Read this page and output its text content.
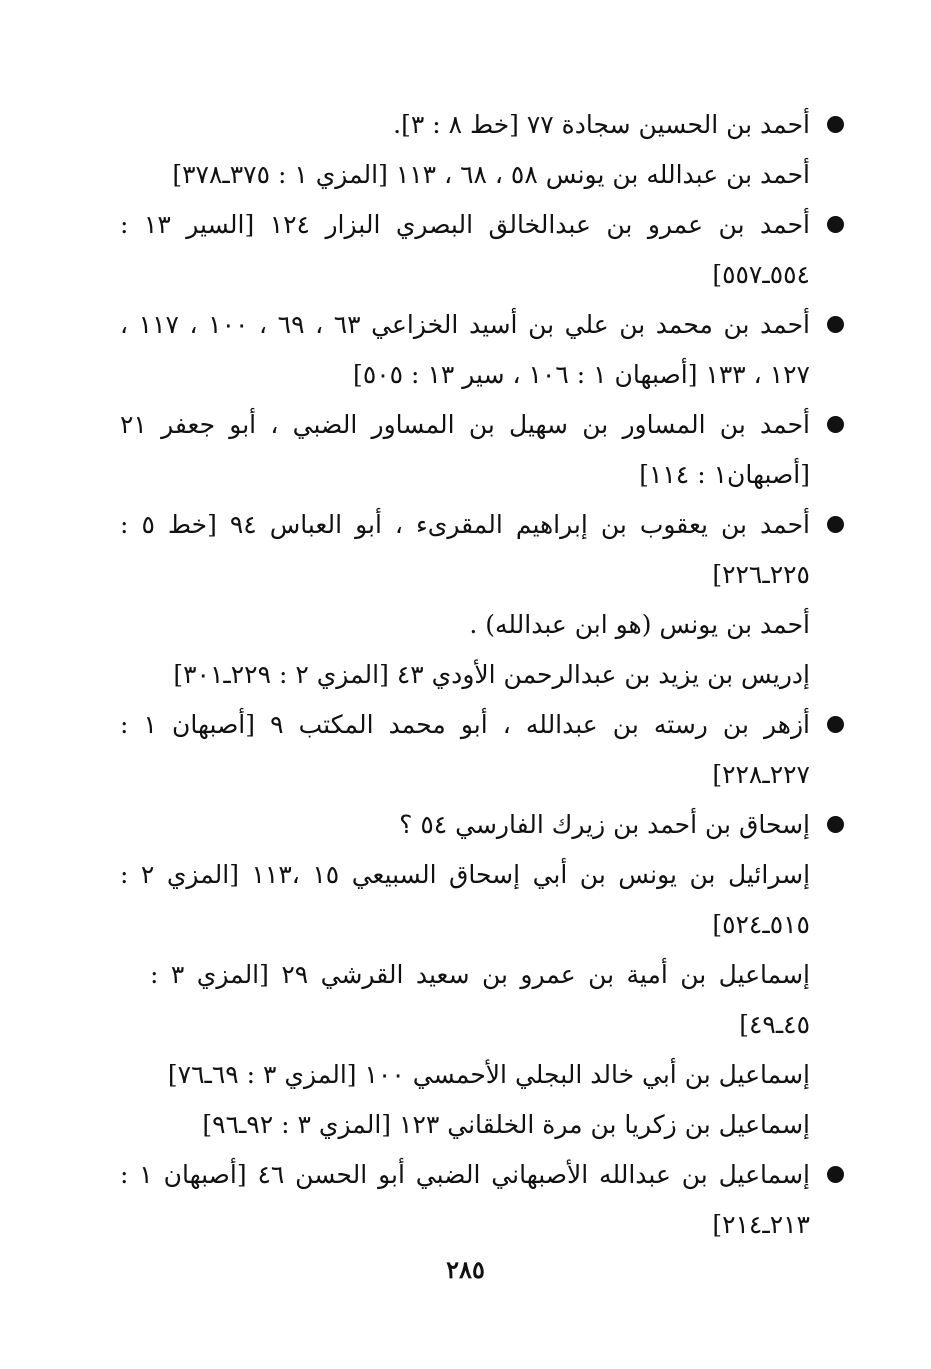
أحمد بن الحسين سجادة ٧٧ [خط ٨ : ٣].
أحمد بن عبدالله بن يونس ٥٨ ، ٦٨ ، ١١٣ [المزي ١ : ٣٧٥ـ٣٧٨]
أحمد بن عمرو بن عبدالخالق البصري البزار ١٢٤ [السير ١٣ : ٥٥٤ـ٥٥٧]
أحمد بن محمد بن علي بن أسيد الخزاعي ٦٣ ، ٦٩ ، ١٠٠ ، ١١٧ ، ١٢٧ ، ١٣٣ [أصبهان ١ : ١٠٦ ، سير ١٣ : ٥٠٥]
أحمد بن المساور بن سهيل بن المساور الضبي ، أبو جعفر ٢١ [أصبهان١ : ١١٤]
أحمد بن يعقوب بن إبراهيم المقرىء ، أبو العباس ٩٤ [خط ٥ : ٢٢٥ـ٢٢٦]
أحمد بن يونس (هو ابن عبدالله) .
إدريس بن يزيد بن عبدالرحمن الأودي ٤٣ [المزي ٢ : ٢٢٩ـ٣٠١]
أزهر بن رسته بن عبدالله ، أبو محمد المكتب ٩ [أصبهان ١ : ٢٢٧ـ٢٢٨]
إسحاق بن أحمد بن زيرك الفارسي ٥٤ ؟
إسرائيل بن يونس بن أبي إسحاق السبيعي ١٥ ،١١٣ [المزي ٢ : ٥١٥ـ٥٢٤]
إسماعيل بن أمية بن عمرو بن سعيد القرشي ٢٩ [المزي ٣ : ٤٥ـ٤٩]
إسماعيل بن أبي خالد البجلي الأحمسي ١٠٠ [المزي ٣ : ٦٩ـ٧٦]
إسماعيل بن زكريا بن مرة الخلقاني ١٢٣ [المزي ٣ : ٩٢ـ٩٦]
إسماعيل بن عبدالله الأصبهاني الضبي أبو الحسن ٤٦ [أصبهان ١ : ٢١٣ـ٢١٤]
٢٨٥
